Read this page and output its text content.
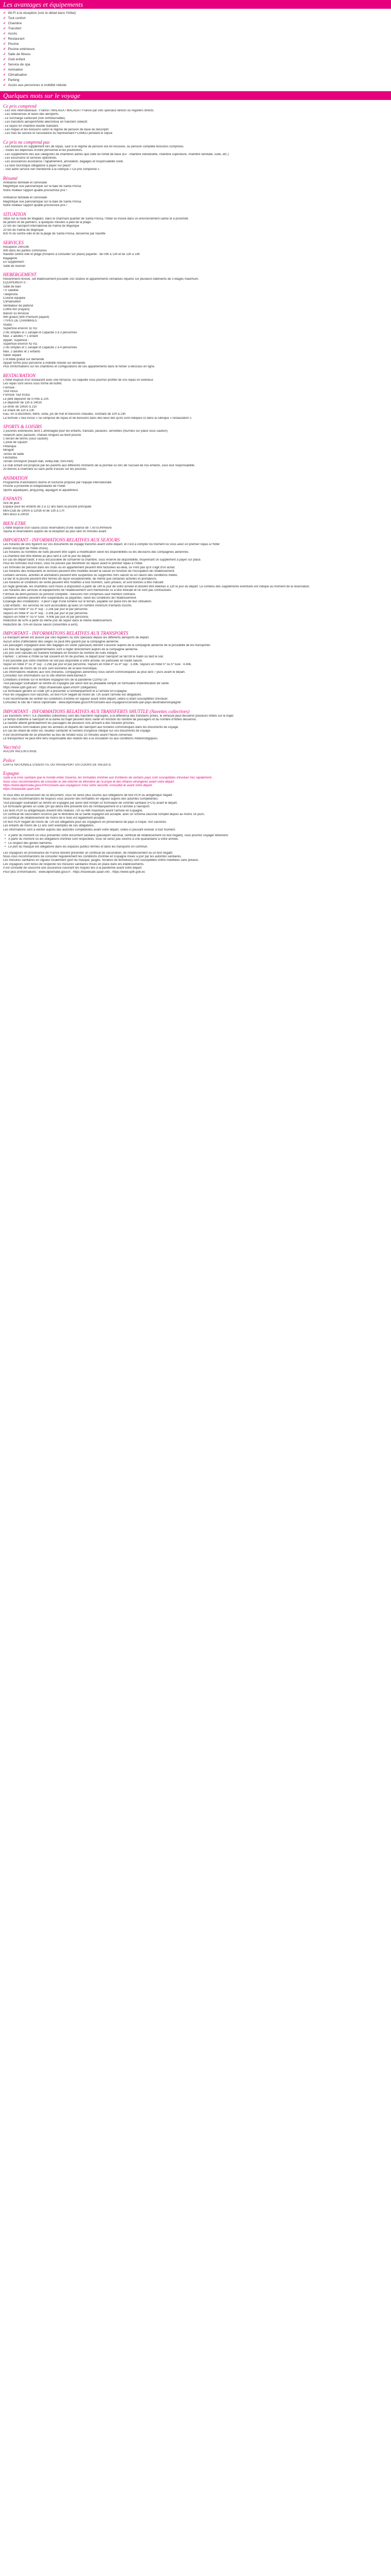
Les avantages et équipements
✔ Wi-Fi à la réception (voir le détail dans l’hôtel)
✔ Tout confort
✔ Chambre
✔ Transfert
✔ Accès
✔ Restaurant
✔ Piscine
✔ Piscine extérieure
✔ Salle de fitness
✔ Club enfant
✔ Service de spa
✔ Animation
✔ Climatisation
✔ Parking
✔ Accès aux personnes à mobilité réduite
Quelques mots sur le voyage
Ce prix comprend
- Les vols internationaux : France / MALAGA / MALAGA / France par vols spéciaux directs ou réguliers directs.
- Les redevances et taxes des aéroports.
- Le surcharge carburant (non remboursable).
- Les transferts aéroport/hôtel aller/retour en transfert collectif.
- Le séjour en chambre double standard.
- Les Repas et les boissons selon le régime de pension de base du descriptif.
- Les frais de service et l'assistance du représentant FLAMED pendant le séjour.
Ce prix ne comprend pas
- Les boissons en supplément lors de repas, sauf si le régime de pension est All inclusive, ou pension complète boissons comprises.
- Toutes les dépenses d'ordre personnel et les pourboires.
- Les suppléments liés aux catégories de chambres autres que celle du forfait de base (Ex : chambre individuelle, chambre supérieure, chambre familiale, suite, etc.)
- Les excursions et services optionnels.
- Les assurances assistance / rapatriement, annulation, bagages et responsabilité civile.
- La taxe touristique obligatoire à payer sur place*
- Tout autre service non mentionné à la rubrique « Ce prix comprend ».
Résumé
Ambiance familiale et conviviale
Magnifique vue panoramique sur la baie de Santa Ponsa
Notre meilleur rapport qualité prix/service prix !

Ambiance familiale et conviviale
Magnifique vue panoramique sur la baie de Santa Ponsa
Notre meilleur rapport qualité prix/service prix !
SITUATION
Situé sur la route de Magalluf, dans le charmant quartier de Santa Ponsa, l'hôtel se trouve dans un environnement calme et à proximité
de jardins et de palmiers, à quelques minutes à pied de la plage.
22 km de l'aéroport international de Palma de Majorque
20 km de Palma de Majorque
600 m du centre-ville et de la plage de Santa Ponsa, desservie par navette
SERVICES
Réception 24h/24h
Wifi dans les parties communes
Navette centre-ville et plage (horaires à consulter sur place) payante : de 09h à 13h et de 13h à 18h
Bagagerie
En supplément :
Salle de réunion
HEBERGEMENT
Récemment rénové, cet établissement possède 142 studios et appartements climatisés répartis sur plusieurs bâtiments de 3 étages maximum.
EQUIPEMENTS :
Salle de bain
TV satellite
Téléphone
Cuisine équipée
Climatisation
Ventilateur de plafond
Coffre-fort (Payant)
Balcon ou terrasse
Wifi gratuit (Wifi Premium payant)
TYPES DE CHAMBRES :
Studio :
Superficie environ 32 m2
2 lits simples et 1 canapé lit Capacité 3 à 3 personnes
Max. 2 adultes + 1 enfant
Appart. Supérieur :
Superficie environ 42 m2
2 lits simples et 1 canapé lit Capacité 2 à 4 personnes
Max. 2 adultes et 2 enfants
Salon séparé
1 lit bébé gratuit sur demande
Appart formé pour personne à mobilité réduite sur demande
Plus d'informations sur les chambres et configurations de ces appartements dans le fichier ci-dessous en ligne.
RESTAURATION
L'hôtel dispose d'un restaurant avec une terrasse, sur laquelle vous pourrez profiter de vos repas en extérieur.
Les repas sont servis sous forme de buffet.
Formule :
Tout Inclus
Formule Tout Inclus
Le petit déjeuner de 07h45 à 10h
Le déjeuner de 13h à 14h30
Le dîner de 18h30 à 21h
Le snack de 11h à 13h
Eau, vin à discrétion, bière, soda, jus de fruit et boissons chaudes, cocktails de 10h à 23h
La formule « tout inclus » se compose de repas et de boissons dans des lieux tels qu'ils sont indiqués ici dans la rubrique « restauration ».
SPORTS & LOISIRS
2 piscines extérieures dont 1 aménagée pour les enfants, transats, parasols, serviettes (fournies sur place sous caution)
Solarium avec parasols, chaises longues au bord piscine
1 terrain de tennis (sous caution)
1 piste de squash
Pétanque
Minigolf
Tennis de table
Fléchettes
Terrain omnisport (beach-ball, volley-ball, mini-foot)
Le club enfant est proposé par les parents aux différents moments de la journée ou lors de l'accueil de nos enfants, sous leur responsabilité.
20 bornes à charnière ou sans porte d'accès sur les piscines.
ANIMATION
Programme d'animations diurne et nocturne proposé par l'équipe internationale
Piscine à proximité et indépendante de l'hôtel
Sports aquatiques, ping-pong, aquagym et aquafitness
ENFANTS
Aire de jeux
Espace pour les enfants de 3 à 12 ans dans la piscine principale
Mini-Club de 10h00 à 12h30 et de 13h à 17h
Mini disco à 20h30
BIEN-ETRE
L'hôtel dispose d'un sauna (sous réservation) d'une séance de 7.50 EUR/heure
Sauna et réservations auprès de la réception au plus tard 30 minutes avant.
IMPORTANT - INFORMATIONS RELATIVES AUX SEJOURS
Les horaires de vols figurent sur vos documents de voyage transmis avant votre départ, et c'est à compter du moment où vous avez un premier repas à l'hôtel
(selon descriptif de l'hôtel choisi).
Les horaires ou nombres de nuits peuvent être sujets à modification selon les disponibilités ou les décisions des compagnies aériennes.
La chambre doit être libérée au plus tard à 12h le jour du départ.
En cas de départ tardif, il vous est possible de conserver la chambre, sous réserve de disponibilité, moyennant un supplément à payer sur place.
Pour les formules tout inclus, vous ne pouvez pas bénéficier du séjour avant le premier repas à l'hôtel.
Les formules de pension dans les clubs ou en appartement peuvent être facturées au-delà, ce n'est pas qu'il s'agit d'un achat.
Les horaires des restaurants et services peuvent être modifiés durant la saison en fonction de l'occupation de l'établissement.
Certains services, activités et animations peuvent être suspendus ou supprimés hors saison ou en raison des conditions météo.
Le bar et la piscine peuvent être fermés de façon exceptionnelle, de même que certaines activités et animations.
Les horaires et conditions de vente peuvent être modifiés à tout moment, sans préavis, et sont donnés à titre indicatif.
En règle générale, les chambres sont mises à disposition à partir de 14h le jour de votre arrivée et doivent être libérées à 12h le jour du départ. Le contenu des suppléments éventuels est indiqué au moment de la réservation.
Les horaires des services et équipements de l'établissement sont mentionnés ici à titre indicatif et ne sont pas contractuels.
Formule de demi-pension ou pension complète - boissons non comprises sauf mention contraire.
Certaines activités peuvent être suspendues ou payantes, selon les conditions de l'établissement.
Éclairage des installations : il peut s'agir d'une lumière sur le terrain, payable sur place lors de leur utilisation.
Club enfants : les services ne sont accessibles qu'avec un nombre minimum d'enfants inscrits.
Séjours en hôtel 3* ou 3* sup : 2.25€ par jour et par personne.
Séjours en hôtel 4* ou 4* sup : 3.30€ par jour et par personne.
Séjours en hôtel 5* ou 5* luxe : 4.40€ par jour et par personne.
Réduction de 50% à partir du 9ème jour de séjour dans le même établissement.
Réduction de 75% en basse saison (novembre à avril).
IMPORTANT - INFORMATIONS RELATIVES AUX TRANSPORTS
Le transport aérien est assuré par vols réguliers ou vols spéciaux depuis les différents aéroports de départ.
Aucun ordre d'affectation des sièges ne peut être garanti par la compagnie aérienne.
Les passagers voyageant avec des bagages en soute (spéciaux) doivent s'assurer auprès de la compagnie aérienne de la possibilité de les transporter.
Les frais de bagages supplémentaires sont à régler directement auprès de la compagnie aérienne.
Les prix sont calculés de manière forfaitaire en fonction du nombre de nuits indiqué.
Flamed : L'arrivée à l'hôtel se fait souvent en fin de journée, le départ pour l'aéroport se fait tôt le matin ou tard le soir.
Il est possible que votre chambre ne soit pas disponible à votre arrivée, en particulier en haute saison.
Séjour en hôtel 3* ou 3* sup : 2.25€ par jour et par personne. Séjours en hôtel 4* ou 4* sup : 3.30€. Séjours en hôtel 5* ou 5* luxe : 4.40€.
Les enfants de moins de 16 ans sont exonérés de la taxe touristique.
Les informations relatives aux vols (horaires, compagnies aériennes) vous seront communiquées au plus tard 7 jours avant le départ.
Consultez nos informations sur le site internet www.flamed.fr
Conditions d'entrée sur le territoire espagnol lors de la pandémie COVID-19 :
Tout passager souhaitant se rendre en Espagne par avion doit au préalable remplir un formulaire d'identification de santé.
https://www.spth.gob.es/ ; https://travelsafe.spain.info/fr/ (obligatoire)
Ce formulaire génère un code QR à présenter à l'embarquement et à l'arrivée en Espagne.
Pour les voyageurs non vaccinés, un test PCR négatif de moins de 72h avant l'arrivée est obligatoire.
Il est recommandé de vérifier les conditions d'entrée en vigueur avant votre départ, celles-ci étant susceptibles d'évoluer.
Consultez le site de France Diplomatie : www.diplomatie.gouv.fr/fr/conseils-aux-voyageurs/conseils-par-pays-destination/espagne/
IMPORTANT - INFORMATIONS RELATIVES AUX TRANSFERTS SHUTTLE (Navettes collectives)
Les transferts SHUTTLE (Navettes collectives) sont des transferts regroupés, à la différence des transferts privés, le véhicule peut desservir plusieurs hôtels sur le trajet.
Le temps d'attente à l'aéroport et la durée du trajet peuvent donc varier en fonction du nombre de passagers et du nombre d'hôtels desservis.
La navette attend généralement les passagers de plusieurs vols arrivant à des horaires proches.
Les transferts sont réalisés pour les arrivées et départs de l'aéroport aux horaires communiqués dans les documents de voyage.
En cas de retard de votre vol, veuillez contacter le numéro d'urgence indiqué sur vos documents de voyage.
Il est recommandé de se présenter au lieu de rendez-vous 10 minutes avant l'heure convenue.
Le transporteur ne peut être tenu responsable des retards liés à la circulation ou aux conditions météorologiques.
Vaccin(s)
AUCUN VACCIN EXIGE
Police
CARTE NATIONALE D'IDENTITE OU PASSEPORT EN COURS DE VALIDITE
Espagne
Suite à la crise sanitaire que le monde entier traverse, les formalités d'entrée aux frontières de certains pays sont susceptibles d'évoluer très rapidement.
Nous vous recommandons de consulter le site internet du Ministère de l'Europe et des Affaires étrangères avant votre départ.
https://www.diplomatie.gouv.fr/fr/conseils-aux-voyageurs/ Pour votre sécurité, consultez-le avant votre départ.
https://travelsafe.spain.info
Si vous êtes en possession de ce document, vous ne serez plus soumis aux obligations de test PCR ou antigénique négatif.
Nous vous recommandons de toujours vous assurer des formalités en vigueur auprès des autorités compétentes.
Tout passager souhaitant se rendre en Espagne par avion doit remplir un formulaire de contrôle sanitaire (FCS) avant le départ.
Ce formulaire génère un code QR qui devra être présenté lors de l'embarquement et à l'arrivée à l'aéroport.
Les tests PCR ou antigéniques doivent être réalisés 72h ou 48h maximum avant l'arrivée en Espagne.
Un certificat de vaccination reconnu par le Ministère de la Santé espagnol est accepté, avec un schéma vaccinal complet depuis au moins 14 jours.
Un certificat de rétablissement de moins de 6 mois est également accepté.
Un test PCR négatif de moins de 72h est obligatoire pour les voyageurs en provenance de pays à risque, non vaccinés.
Les enfants de moins de 12 ans sont exemptés de ces obligations.
Les informations sont à vérifier auprès des autorités compétentes avant votre départ, celles-ci pouvant évoluer à tout moment.
• A partir du moment où vous présentez votre document sanitaire (passeport vaccinal, certificat de rétablissement ou test négatif), vous pourrez voyager librement.
• A partir du moment où les obligations d'entrée sont respectées, vous ne serez pas soumis à une quarantaine à votre arrivée.
• Le respect des gestes barrières.
• Le port du masque est obligatoire dans les espaces publics fermés et dans les transports en commun.
Les voyageurs en provenance de France doivent présenter un certificat de vaccination, de rétablissement ou un test négatif.
Nous vous recommandons de consulter régulièrement les conditions d'entrée en Espagne mises à jour par les autorités sanitaires.
Les mesures sanitaires en vigueur localement (port du masque, jauges, horaires de fermeture) sont susceptibles d'être modifiées sans préavis.
Les voyageurs sont tenus de respecter les mesures sanitaires mises en place dans les établissements.
Il est conseillé de souscrire une assurance couvrant les risques liés à la pandémie avant votre départ.
Pour plus d'informations : www.diplomatie.gouv.fr ; https://travelsafe.spain.info ; https://www.spth.gob.es
